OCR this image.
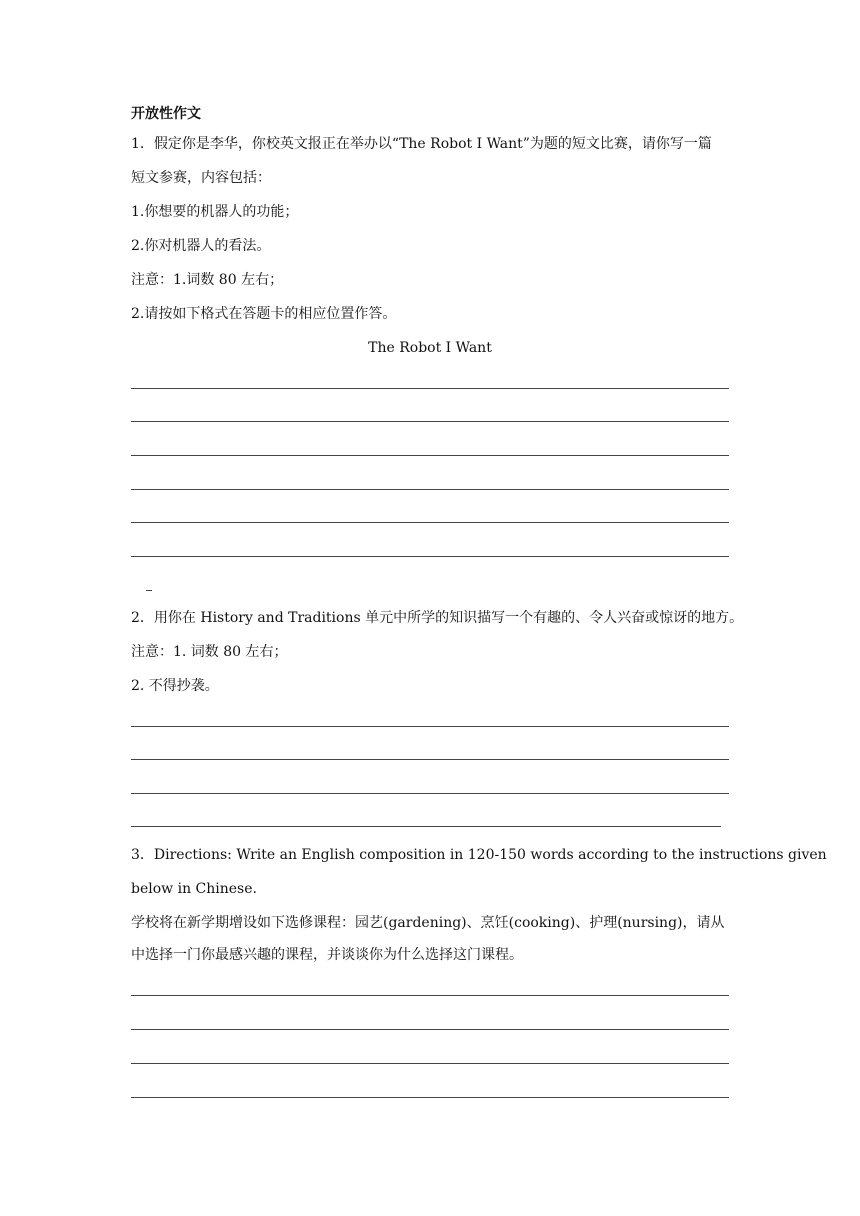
开放性作文
1．假定你是李华，你校英文报正在举办以“The Robot I Want”为题的短文比赛，请你写一篇
短文参赛，内容包括：
1.你想要的机器人的功能；
2.你对机器人的看法。
注意：1.词数 80 左右；
2.请按如下格式在答题卡的相应位置作答。
The Robot I Want
2．用你在 History and Traditions 单元中所学的知识描写一个有趣的、令人兴奋或惊讶的地方。
注意：1. 词数 80 左右；
2. 不得抄袭。
3．Directions: Write an English composition in 120-150 words according to the instructions given
below in Chinese.
学校将在新学期增设如下选修课程：园艺(gardening)、烹饪(cooking)、护理(nursing)，请从
中选择一门你最感兴趣的课程，并谈谈你为什么选择这门课程。
